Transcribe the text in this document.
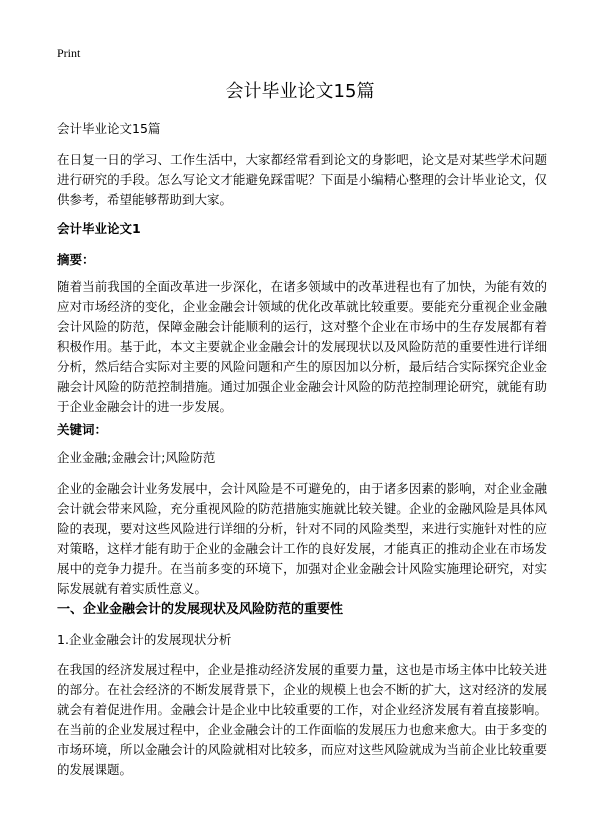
Print
会计毕业论文15篇

会计毕业论文15篇

在日复一日的学习、工作生活中，大家都经常看到论文的身影吧，论文是对某些学术问题进行研究的手段。怎么写论文才能避免踩雷呢？下面是小编精心整理的会计毕业论文，仅供参考，希望能够帮助到大家。

会计毕业论文1

摘要：

随着当前我国的全面改革进一步深化，在诸多领域中的改革进程也有了加快，为能有效的应对市场经济的变化，企业金融会计领域的优化改革就比较重要。要能充分重视企业金融会计风险的防范，保障金融会计能顺利的运行，这对整个企业在市场中的生存发展都有着积极作用。基于此，本文主要就企业金融会计的发展现状以及风险防范的重要性进行详细分析，然后结合实际对主要的风险问题和产生的原因加以分析，最后结合实际探究企业金融会计风险的防范控制措施。通过加强企业金融会计风险的防范控制理论研究，就能有助于企业金融会计的进一步发展。

关键词：

企业金融;金融会计;风险防范

企业的金融会计业务发展中，会计风险是不可避免的，由于诸多因素的影响，对企业金融会计就会带来风险，充分重视风险的防范措施实施就比较关键。企业的金融风险是具体风险的表现，要对这些风险进行详细的分析，针对不同的风险类型，来进行实施针对性的应对策略，这样才能有助于企业的金融会计工作的良好发展，才能真正的推动企业在市场发展中的竞争力提升。在当前多变的环境下，加强对企业金融会计风险实施理论研究，对实际发展就有着实质性意义。

一、企业金融会计的发展现状及风险防范的重要性

1.企业金融会计的发展现状分析

在我国的经济发展过程中，企业是推动经济发展的重要力量，这也是市场主体中比较关进的部分。在社会经济的不断发展背景下，企业的规模上也会不断的扩大，这对经济的发展就会有着促进作用。金融会计是企业中比较重要的工作，对企业经济发展有着直接影响。在当前的企业发展过程中，企业金融会计的工作面临的发展压力也愈来愈大。由于多变的市场环境，所以金融会计的风险就相对比较多，而应对这些风险就成为当前企业比较重要的发展课题。
